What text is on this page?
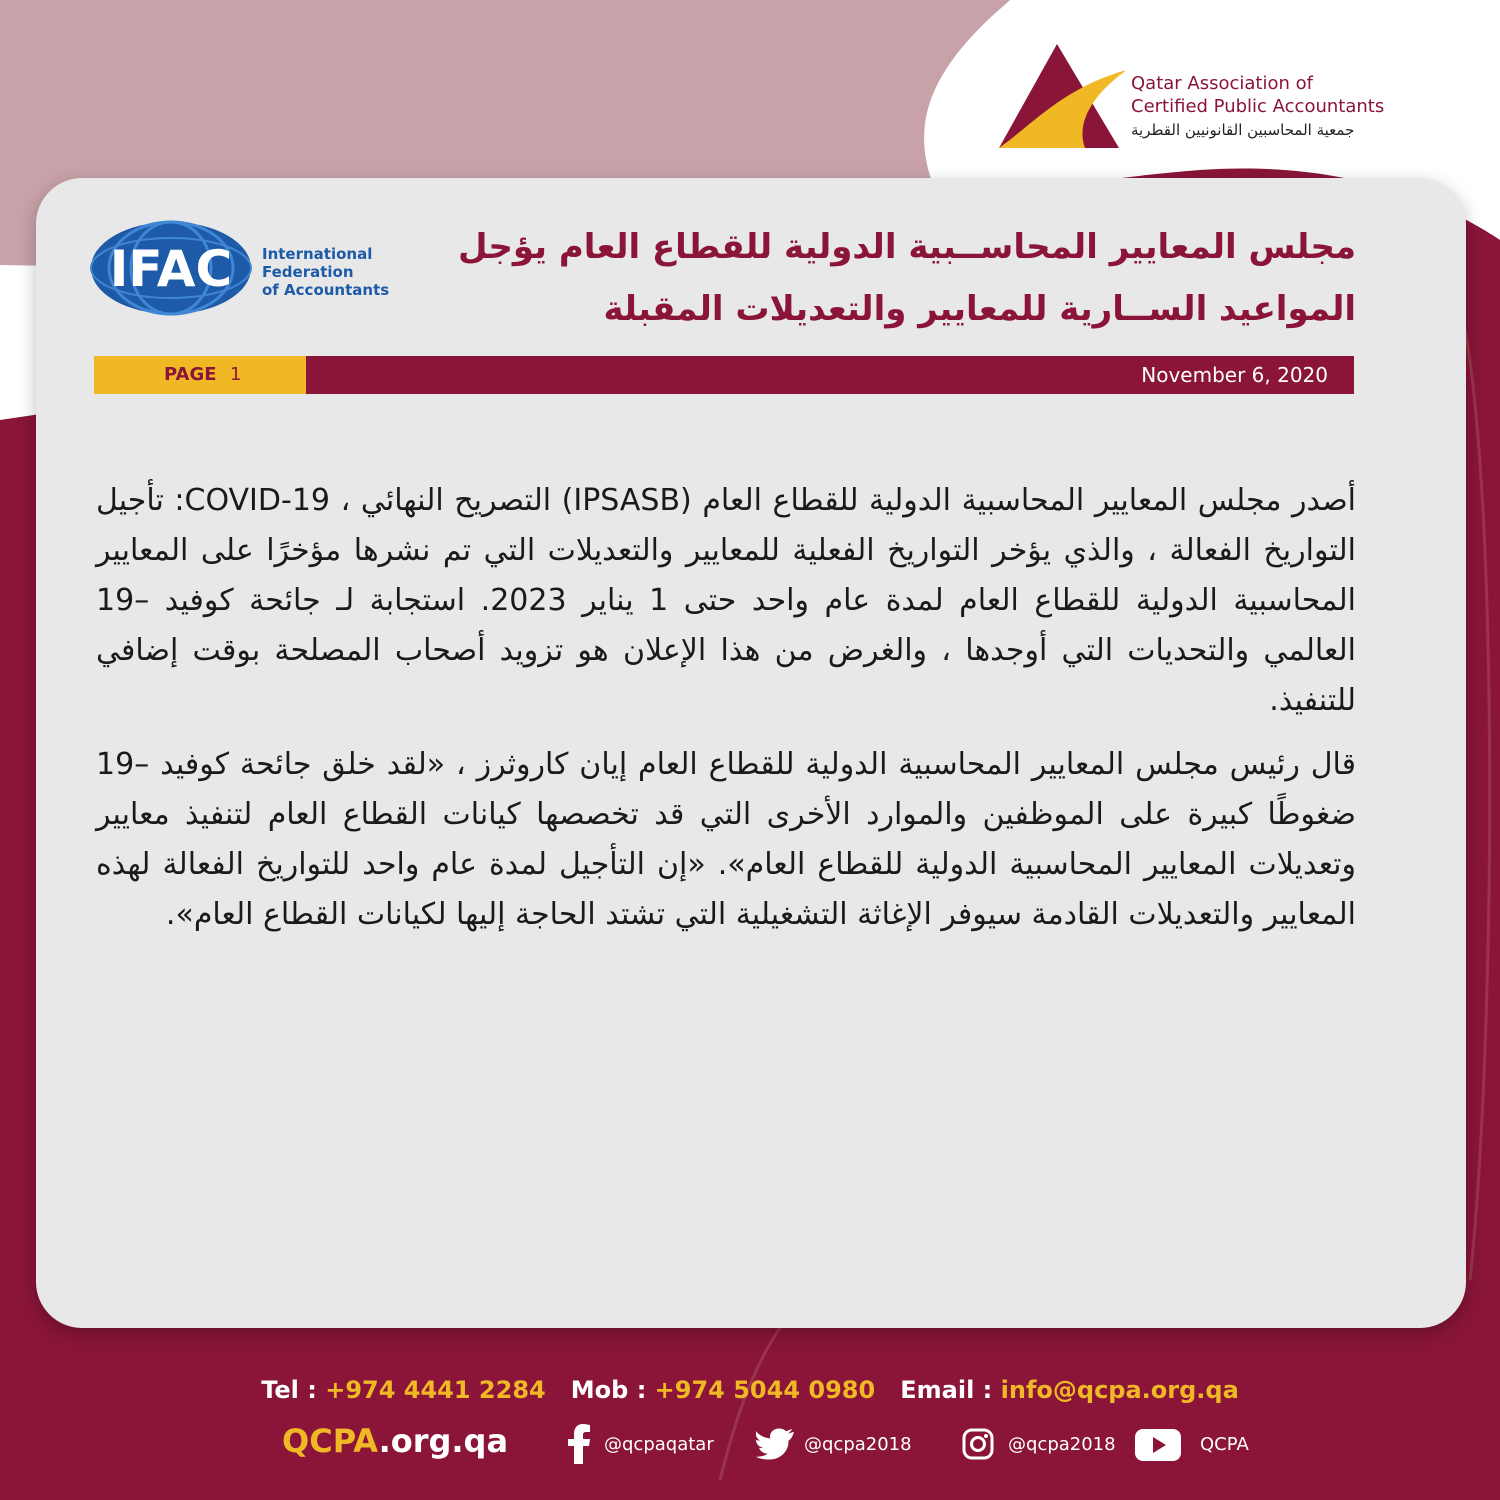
Qatar Association of
Certified Public Accountants
جمعية المحاسبين القانونيين القطرية
IFAC International
Federation
of Accountants
مجلس المعايير المحاســبية الدولية للقطاع العام يؤجل المواعيد الســارية للمعايير والتعديلات المقبلة
PAGE 1	November 6, 2020

أصدر مجلس المعايير المحاسبية الدولية للقطاع العام (IPSASB) التصريح النهائي ، COVID-19: تأجيل التواريخ الفعالة ، والذي يؤخر التواريخ الفعلية للمعايير والتعديلات التي تم نشرها مؤخرًا على المعايير المحاسبية الدولية للقطاع العام لمدة عام واحد حتى 1 يناير 2023. استجابة لـ جائحة كوفيد –19 العالمي والتحديات التي أوجدها ، والغرض من هذا الإعلان هو تزويد أصحاب المصلحة بوقت إضافي للتنفيذ.

قال رئيس مجلس المعايير المحاسبية الدولية للقطاع العام إيان كاروثرز ، «لقد خلق جائحة كوفيد –19 ضغوطًا كبيرة على الموظفين والموارد الأخرى التي قد تخصصها كيانات القطاع العام لتنفيذ معايير وتعديلات المعايير المحاسبية الدولية للقطاع العام». «إن التأجيل لمدة عام واحد للتواريخ الفعالة لهذه المعايير والتعديلات القادمة سيوفر الإغاثة التشغيلية التي تشتد الحاجة إليها لكيانات القطاع العام».

Tel : +974 4441 2284 Mob : +974 5044 0980 Email : info@qcpa.org.qa
QCPA.org.qa	@qcpaqatar	@qcpa2018	@qcpa2018	QCPA
